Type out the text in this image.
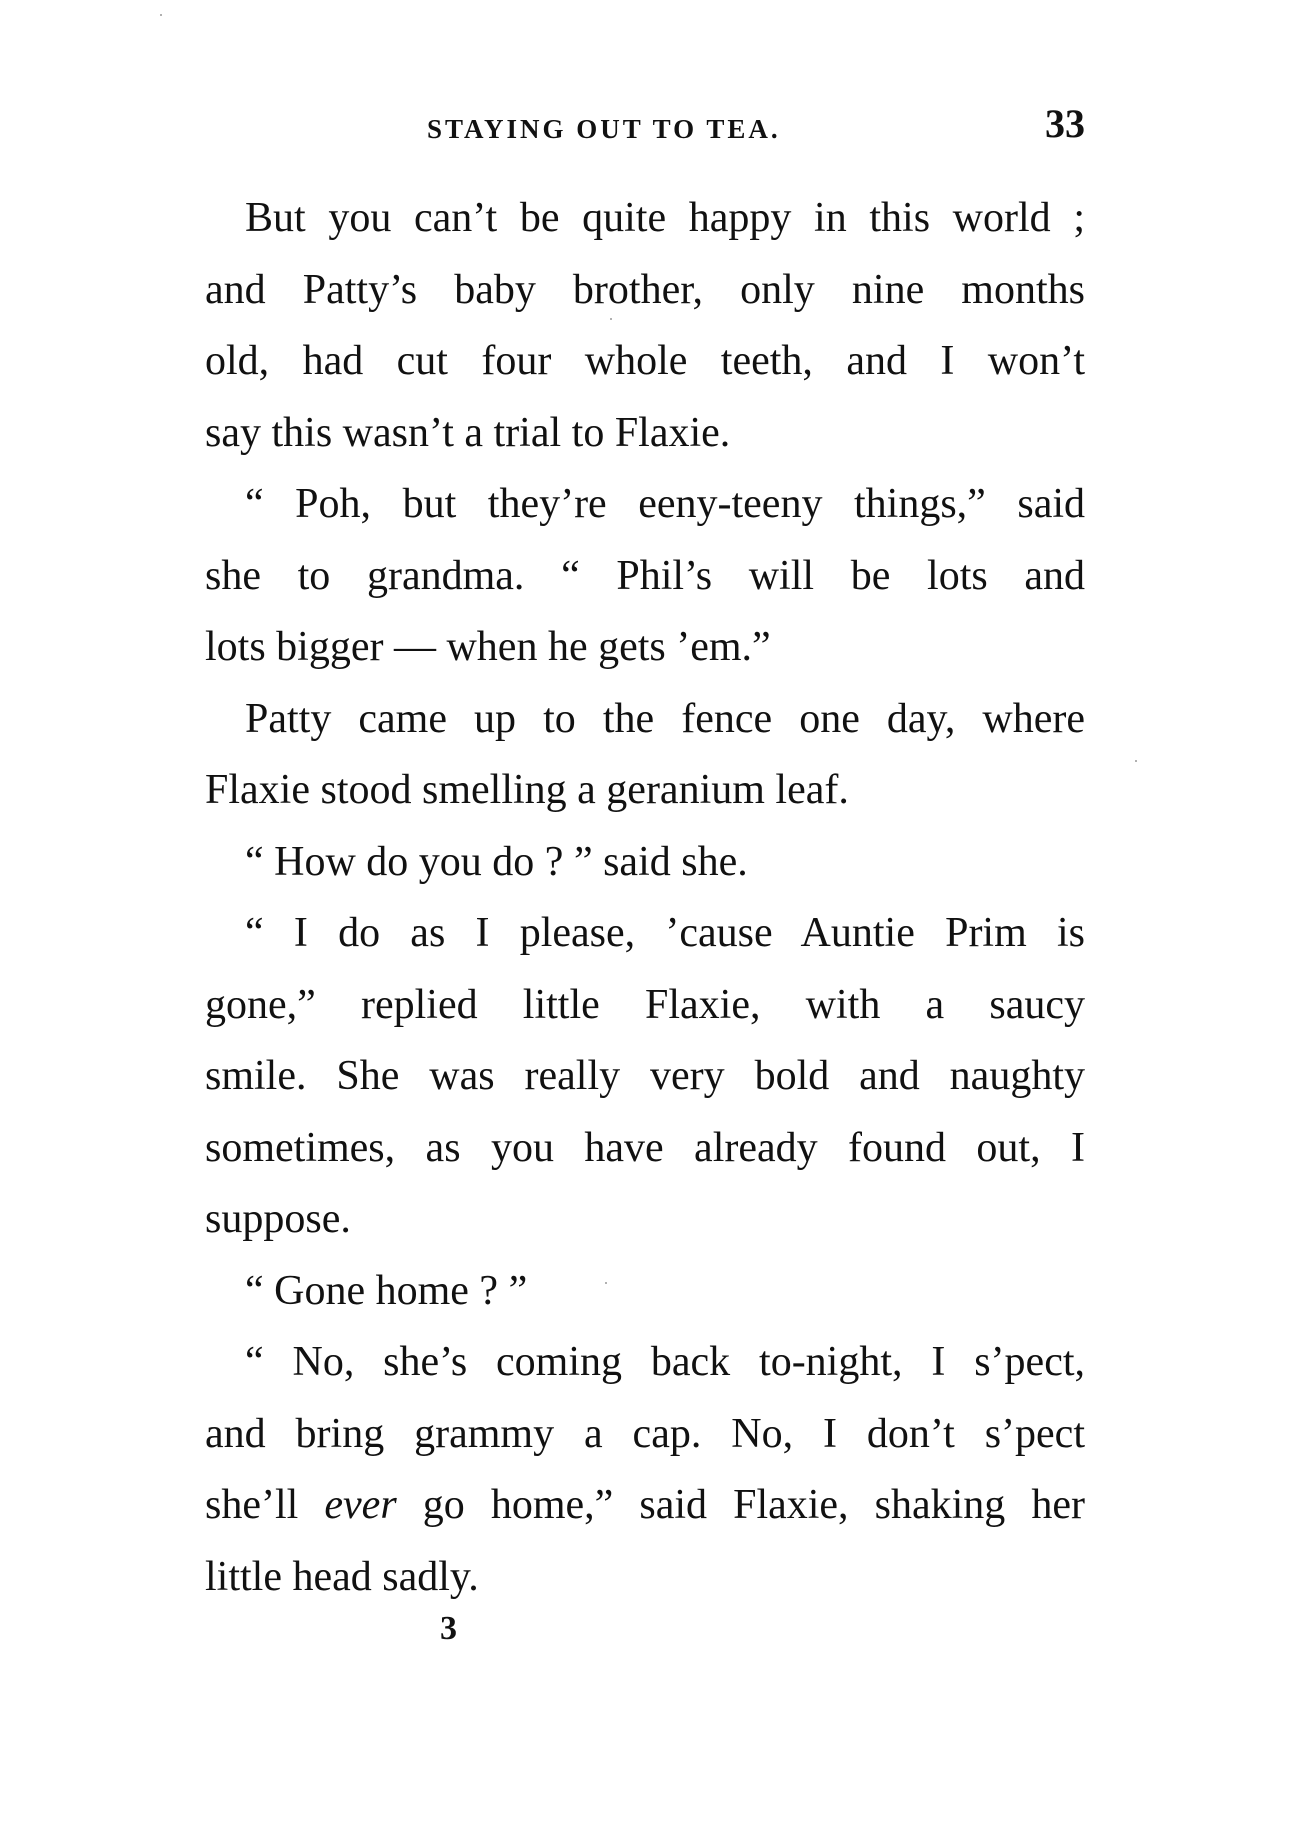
STAYING OUT TO TEA.	33
But you can’t be quite happy in this world ;
and Patty’s baby brother, only nine months
old, had cut four whole teeth, and I won’t
say this wasn’t a trial to Flaxie.
“ Poh, but they’re eeny-teeny things,” said
she to grandma. “ Phil’s will be lots and
lots bigger — when he gets ’em.”
Patty came up to the fence one day, where
Flaxie stood smelling a geranium leaf.
“ How do you do ? ” said she.
“ I do as I please, ’cause Auntie Prim is
gone,” replied little Flaxie, with a saucy
smile. She was really very bold and naughty
sometimes, as you have already found out, I
suppose.
“ Gone home ? ”
“ No, she’s coming back to-night, I s’pect,
and bring grammy a cap. No, I don’t s’pect
she’ll ever go home,” said Flaxie, shaking her
little head sadly.
3
